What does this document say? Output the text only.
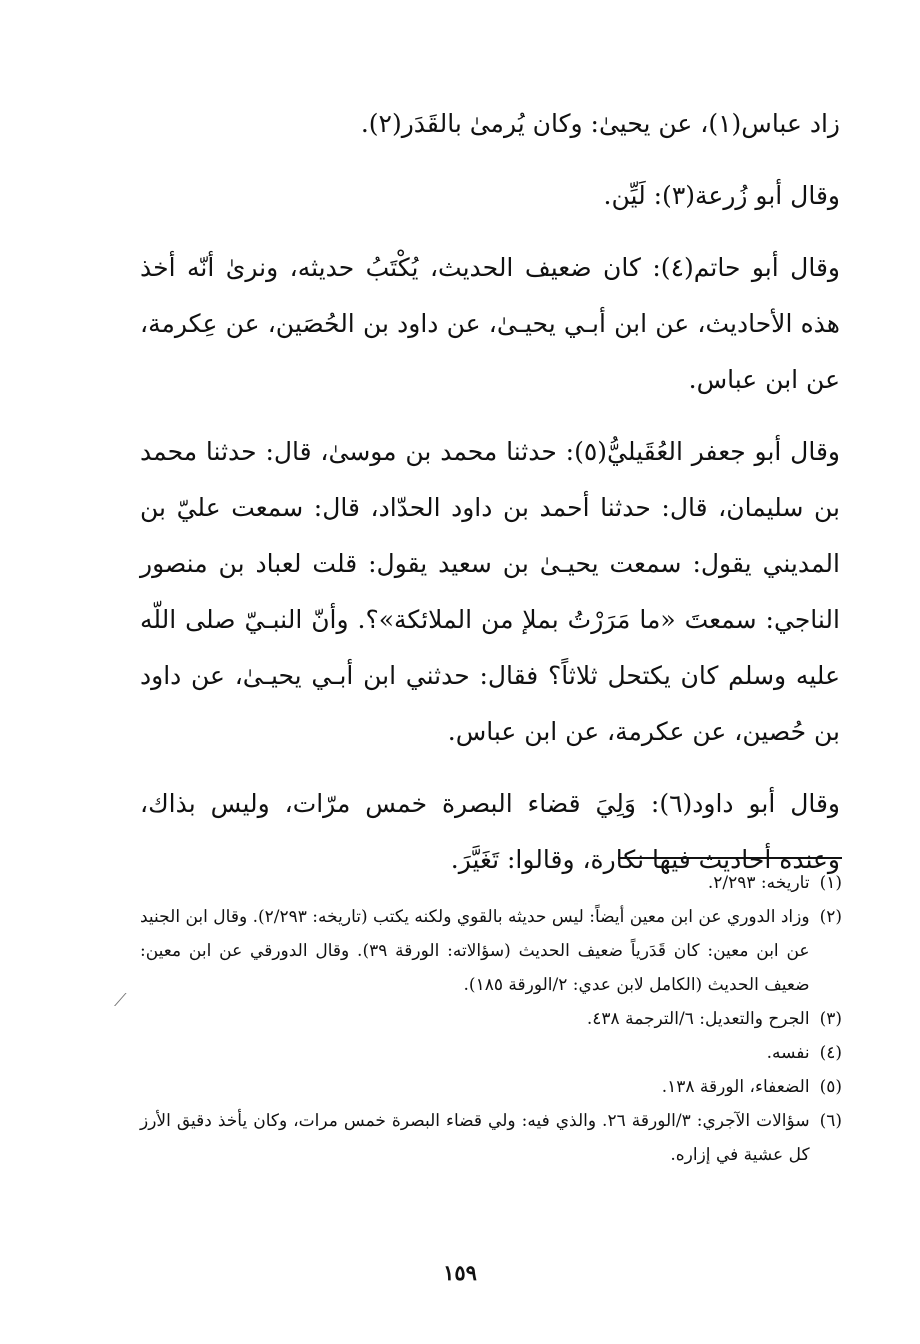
زاد عباس(١)، عن يحيىٰ: وكان يُرمىٰ بالقَدَر(٢).

وقال أبو زُرعة(٣): لَيِّن.

وقال أبو حاتم(٤): كان ضعيف الحديث، يُكْتَبُ حديثه، ونرىٰ أنّه أخذ هذه الأحاديث، عن ابن أبـي يحيـىٰ، عن داود بن الحُصَين، عن عِكرمة، عن ابن عباس.

وقال أبو جعفر العُقَيليُّ(٥): حدثنا محمد بن موسىٰ، قال: حدثنا محمد بن سليمان، قال: حدثنا أحمد بن داود الحدّاد، قال: سمعت عليّ بن المديني يقول: سمعت يحيـىٰ بن سعيد يقول: قلت لعباد بن منصور الناجي: سمعتَ «ما مَرَرْتُ بملإ من الملائكة»؟. وأنّ النبـيّ صلى اللّه عليه وسلم كان يكتحل ثلاثاً؟ فقال: حدثني ابن أبـي يحيـىٰ، عن داود بن حُصين، عن عكرمة، عن ابن عباس.

وقال أبو داود(٦): وَلِيَ قضاء البصرة خمس مرّات، وليس بذاك، وعنده أحاديث فيها نكارة، وقالوا: تَغَيَّرَ.

(١)
تاريخه: ٢/٢٩٣.
(٢)
وزاد الدوري عن ابن معين أيضاً: ليس حديثه بالقوي ولكنه يكتب (تاريخه: ٢/٢٩٣). وقال ابن الجنيد عن ابن معين: كان قَدَرياً ضعيف الحديث (سؤالاته: الورقة ٣٩). وقال الدورقي عن ابن معين: ضعيف الحديث (الكامل لابن عدي: ٢/الورقة ١٨٥).
(٣)
الجرح والتعديل: ٦/الترجمة ٤٣٨.
(٤)
نفسه.
(٥)
الضعفاء، الورقة ١٣٨.
(٦)
سؤالات الآجري: ٣/الورقة ٢٦. والذي فيه: ولي قضاء البصرة خمس مرات، وكان يأخذ دقيق الأرز كل عشية في إزاره.
⟋
١٥٩
